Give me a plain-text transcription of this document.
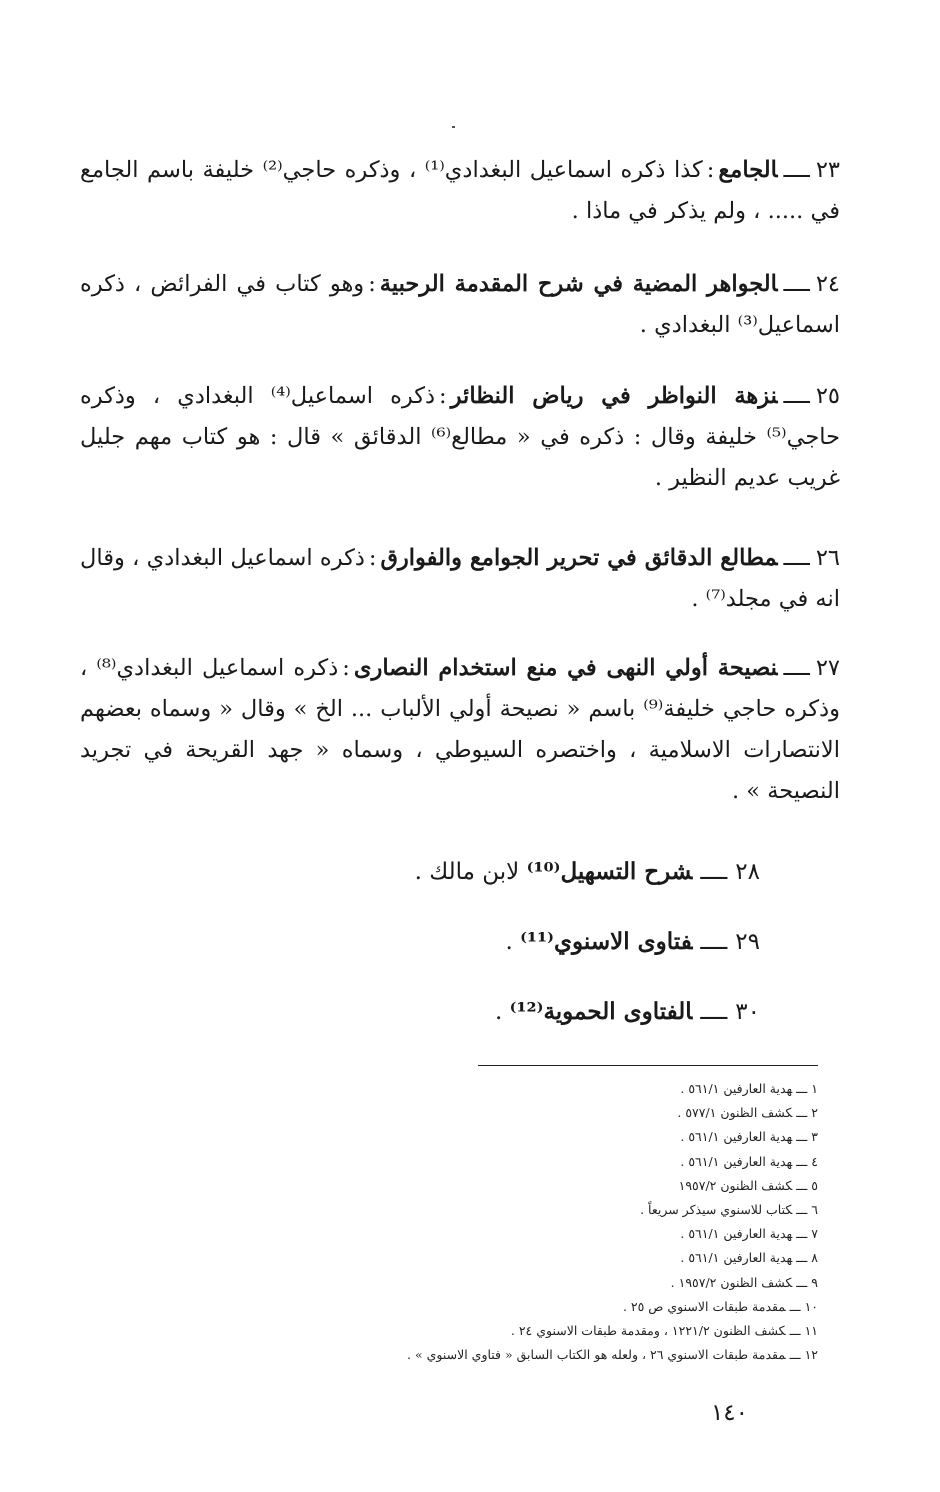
٢٣ــــالجامع:كذا ذكره اسماعيل البغدادي⁽¹⁾ ، وذكره حاجي⁽²⁾ خليفة باسم الجامع في ..... ، ولم يذكر في ماذا .

٢٤ــــالجواهر المضية في شرح المقدمة الرحبية:وهو كتاب في الفرائض ، ذكره اسماعيل⁽³⁾ البغدادي .

٢٥ــــنزهة النواظر في رياض النظائر:ذكره اسماعيل⁽⁴⁾ البغدادي ، وذكره حاجي⁽⁵⁾ خليفة وقال : ذكره في « مطالع⁽⁶⁾ الدقائق » قال : هو كتاب مهم جليل غريب عديم النظير .

٢٦ــــمطالع الدقائق في تحرير الجوامع والفوارق:ذكره اسماعيل البغدادي ، وقال انه في مجلد⁽⁷⁾ .

٢٧ــــنصيحة أولي النهى في منع استخدام النصارى:ذكره اسماعيل البغدادي⁽⁸⁾ ، وذكره حاجي خليفة⁽⁹⁾ باسم « نصيحة أولي الألباب ... الخ » وقال « وسماه بعضهم الانتصارات الاسلامية ، واختصره السيوطي ، وسماه « جهد القريحة في تجريد النصيحة » .

٢٨ــــشرح التسهيل⁽¹⁰⁾ لابن مالك .

٢٩ــــفتاوى الاسنوي⁽¹¹⁾ .

٣٠ــــالفتاوى الحموية⁽¹²⁾ .

١ـــهدية العارفين ٥٦١/١ .
٢ـــكشف الظنون ٥٧٧/١ .
٣ـــهدية العارفين ٥٦١/١ .
٤ـــهدية العارفين ٥٦١/١ .
٥ـــكشف الظنون ١٩٥٧/٢
٦ـــكتاب للاسنوي سيذكر سريعاً .
٧ـــهدية العارفين ٥٦١/١ .
٨ـــهدية العارفين ٥٦١/١ .
٩ـــكشف الظنون ١٩٥٧/٢ .
١٠ـــمقدمة طبقات الاسنوي ص ٢٥ .
١١ـــكشف الظنون ١٢٢١/٢ ، ومقدمة طبقات الاسنوي ٢٤ .
١٢ـــمقدمة طبقات الاسنوي ٢٦ ، ولعله هو الكتاب السابق « فتاوي الاسنوي » .
١٤٠
